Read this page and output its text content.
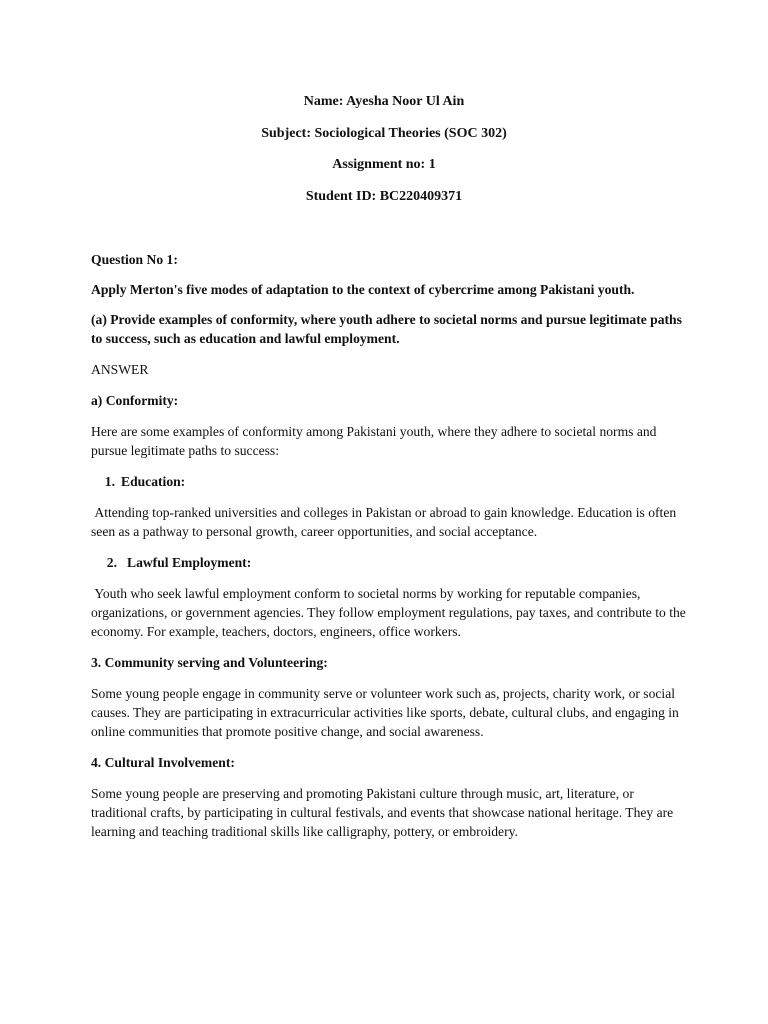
Name: Ayesha Noor Ul Ain
Subject: Sociological Theories (SOC 302)
Assignment no: 1
Student ID: BC220409371

Question No 1:

Apply Merton's five modes of adaptation to the context of cybercrime among Pakistani youth.

(a) Provide examples of conformity, where youth adhere to societal norms and pursue legitimate paths to success, such as education and lawful employment.

ANSWER

a) Conformity:

Here are some examples of conformity among Pakistani youth, where they adhere to societal norms and pursue legitimate paths to success:

1. Education:

Attending top-ranked universities and colleges in Pakistan or abroad to gain knowledge. Education is often seen as a pathway to personal growth, career opportunities, and social acceptance.

2. Lawful Employment:

Youth who seek lawful employment conform to societal norms by working for reputable companies, organizations, or government agencies. They follow employment regulations, pay taxes, and contribute to the economy. For example, teachers, doctors, engineers, office workers.

3.
Community serving and Volunteering:

Some young people engage in community serve or volunteer work such as, projects, charity work, or social causes. They are participating in extracurricular activities like sports, debate, cultural clubs, and engaging in online communities that promote positive change, and social awareness.

4.
Cultural Involvement:

Some young people are preserving and promoting Pakistani culture through music, art, literature, or traditional crafts, by participating in cultural festivals, and events that showcase national heritage. They are learning and teaching traditional skills like calligraphy, pottery, or embroidery.
